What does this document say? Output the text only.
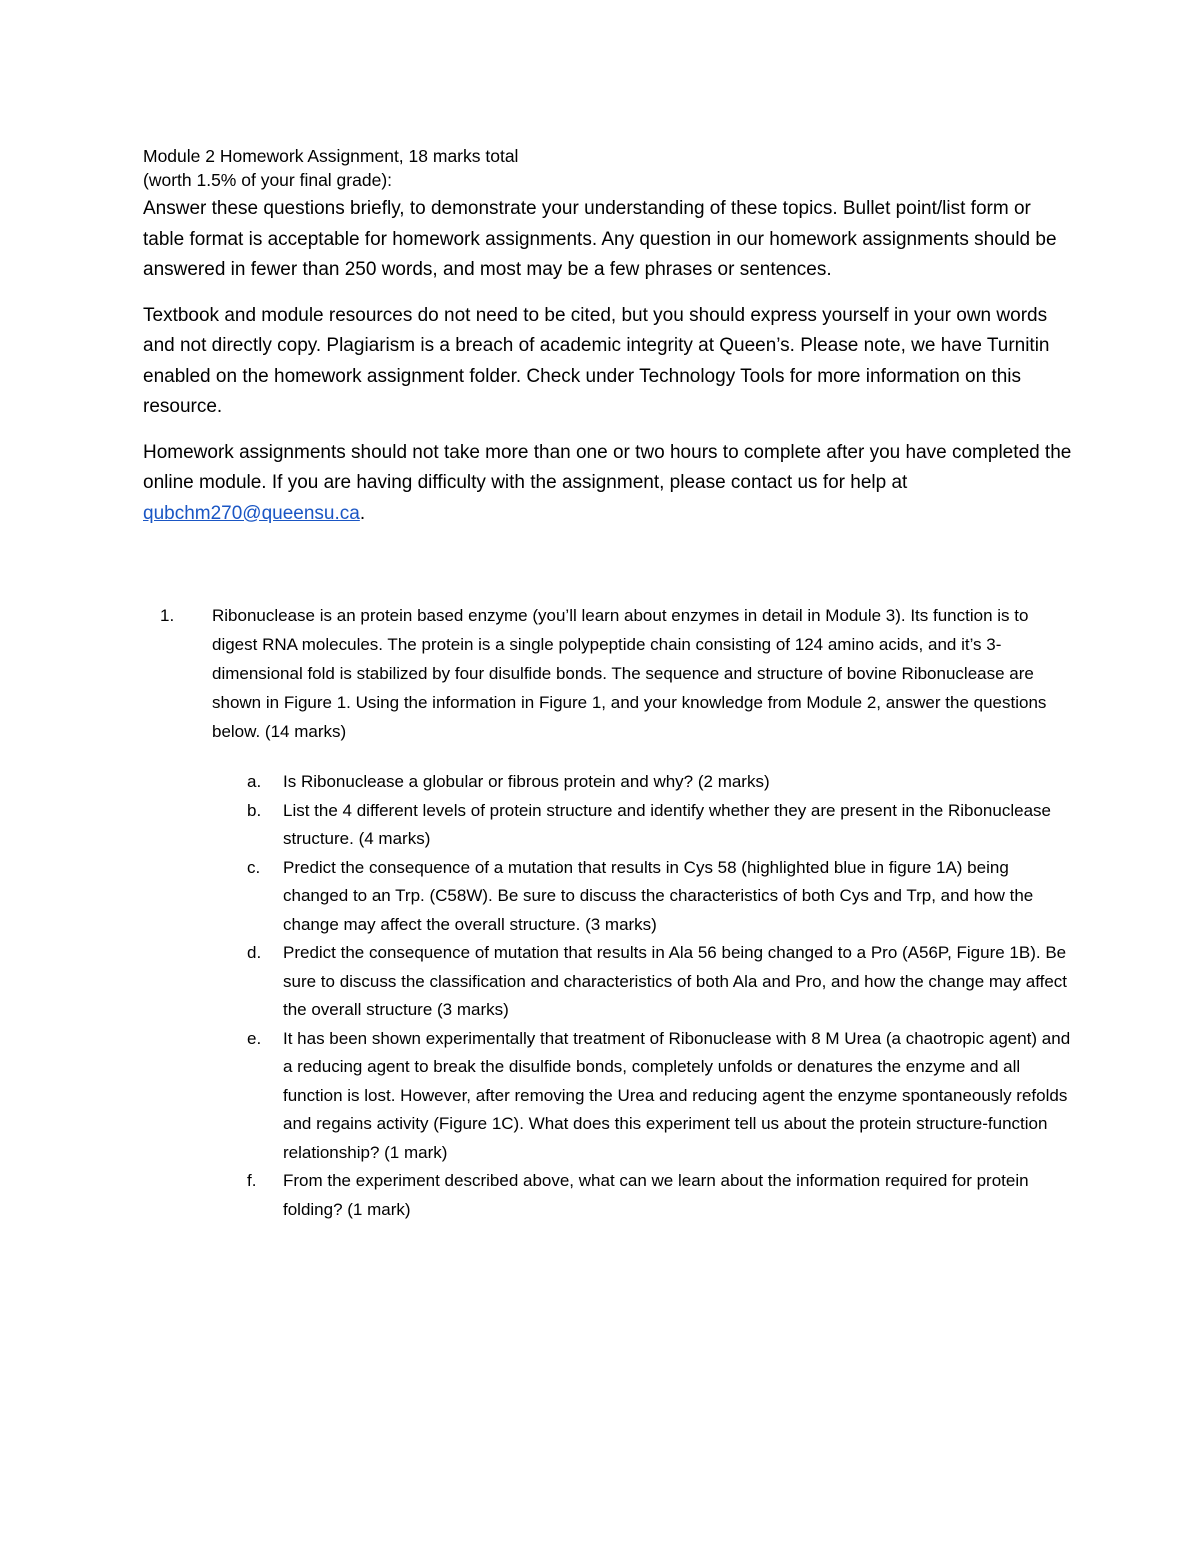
Module 2 Homework Assignment, 18 marks total

(worth 1.5% of your final grade):

Answer these questions briefly, to demonstrate your understanding of these topics. Bullet point/list form or table format is acceptable for homework assignments. Any question in our homework assignments should be answered in fewer than 250 words, and most may be a few phrases or sentences.

Textbook and module resources do not need to be cited, but you should express yourself in your own words and not directly copy. Plagiarism is a breach of academic integrity at Queen’s. Please note, we have Turnitin enabled on the homework assignment folder. Check under Technology Tools for more information on this resource.

Homework assignments should not take more than one or two hours to complete after you have completed the online module. If you are having difficulty with the assignment, please contact us for help at qubchm270@queensu.ca.

1. Ribonuclease is an protein based enzyme (you’ll learn about enzymes in detail in Module 3). Its function is to digest RNA molecules. The protein is a single polypeptide chain consisting of 124 amino acids, and it’s 3-dimensional fold is stabilized by four disulfide bonds. The sequence and structure of bovine Ribonuclease are shown in Figure 1. Using the information in Figure 1, and your knowledge from Module 2, answer the questions below. (14 marks)
a. Is Ribonuclease a globular or fibrous protein and why? (2 marks)
b. List the 4 different levels of protein structure and identify whether they are present in the Ribonuclease structure. (4 marks)
c. Predict the consequence of a mutation that results in Cys 58 (highlighted blue in figure 1A) being changed to an Trp. (C58W). Be sure to discuss the characteristics of both Cys and Trp, and how the change may affect the overall structure. (3 marks)
d. Predict the consequence of mutation that results in Ala 56 being changed to a Pro (A56P, Figure 1B). Be sure to discuss the classification and characteristics of both Ala and Pro, and how the change may affect the overall structure (3 marks)
e. It has been shown experimentally that treatment of Ribonuclease with 8 M Urea (a chaotropic agent) and a reducing agent to break the disulfide bonds, completely unfolds or denatures the enzyme and all function is lost. However, after removing the Urea and reducing agent the enzyme spontaneously refolds and regains activity (Figure 1C). What does this experiment tell us about the protein structure-function relationship? (1 mark)
f. From the experiment described above, what can we learn about the information required for protein folding? (1 mark)
